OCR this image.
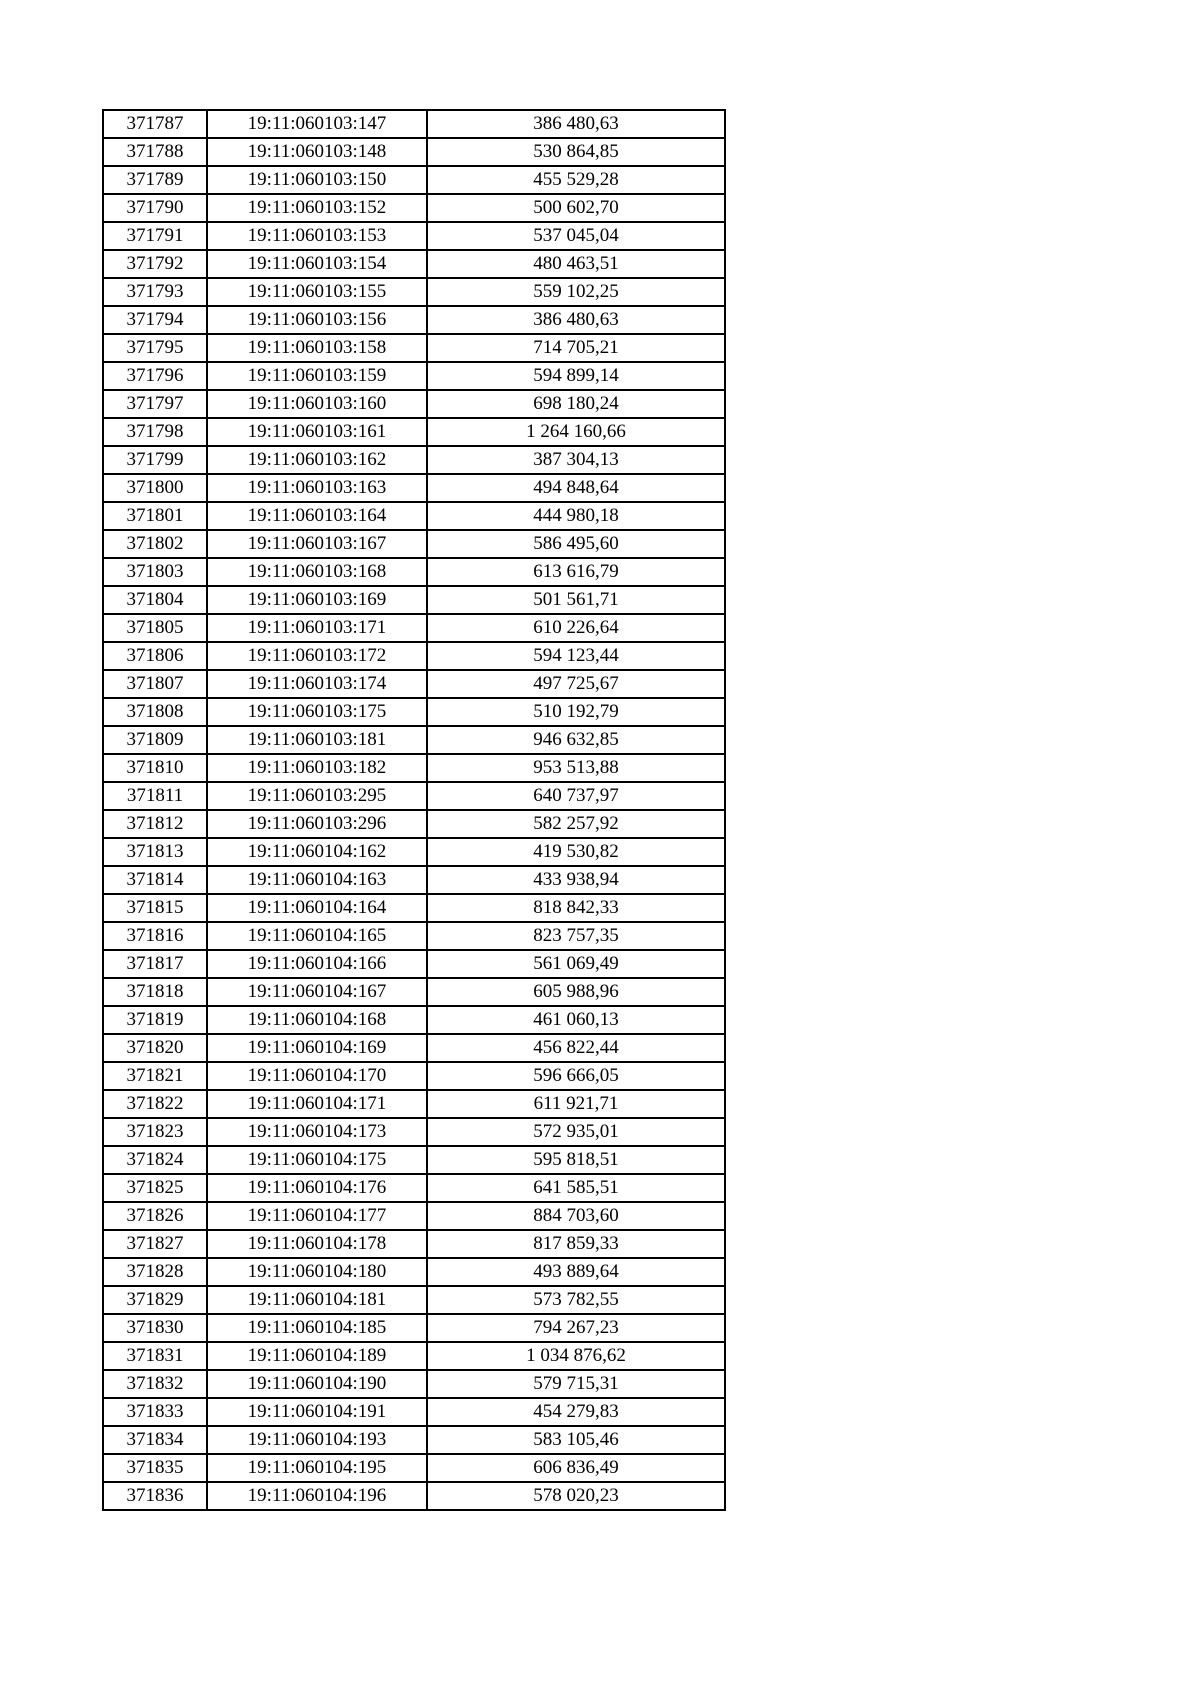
371787	19:11:060103:147	386 480,63
371788	19:11:060103:148	530 864,85
371789	19:11:060103:150	455 529,28
371790	19:11:060103:152	500 602,70
371791	19:11:060103:153	537 045,04
371792	19:11:060103:154	480 463,51
371793	19:11:060103:155	559 102,25
371794	19:11:060103:156	386 480,63
371795	19:11:060103:158	714 705,21
371796	19:11:060103:159	594 899,14
371797	19:11:060103:160	698 180,24
371798	19:11:060103:161	1 264 160,66
371799	19:11:060103:162	387 304,13
371800	19:11:060103:163	494 848,64
371801	19:11:060103:164	444 980,18
371802	19:11:060103:167	586 495,60
371803	19:11:060103:168	613 616,79
371804	19:11:060103:169	501 561,71
371805	19:11:060103:171	610 226,64
371806	19:11:060103:172	594 123,44
371807	19:11:060103:174	497 725,67
371808	19:11:060103:175	510 192,79
371809	19:11:060103:181	946 632,85
371810	19:11:060103:182	953 513,88
371811	19:11:060103:295	640 737,97
371812	19:11:060103:296	582 257,92
371813	19:11:060104:162	419 530,82
371814	19:11:060104:163	433 938,94
371815	19:11:060104:164	818 842,33
371816	19:11:060104:165	823 757,35
371817	19:11:060104:166	561 069,49
371818	19:11:060104:167	605 988,96
371819	19:11:060104:168	461 060,13
371820	19:11:060104:169	456 822,44
371821	19:11:060104:170	596 666,05
371822	19:11:060104:171	611 921,71
371823	19:11:060104:173	572 935,01
371824	19:11:060104:175	595 818,51
371825	19:11:060104:176	641 585,51
371826	19:11:060104:177	884 703,60
371827	19:11:060104:178	817 859,33
371828	19:11:060104:180	493 889,64
371829	19:11:060104:181	573 782,55
371830	19:11:060104:185	794 267,23
371831	19:11:060104:189	1 034 876,62
371832	19:11:060104:190	579 715,31
371833	19:11:060104:191	454 279,83
371834	19:11:060104:193	583 105,46
371835	19:11:060104:195	606 836,49
371836	19:11:060104:196	578 020,23
